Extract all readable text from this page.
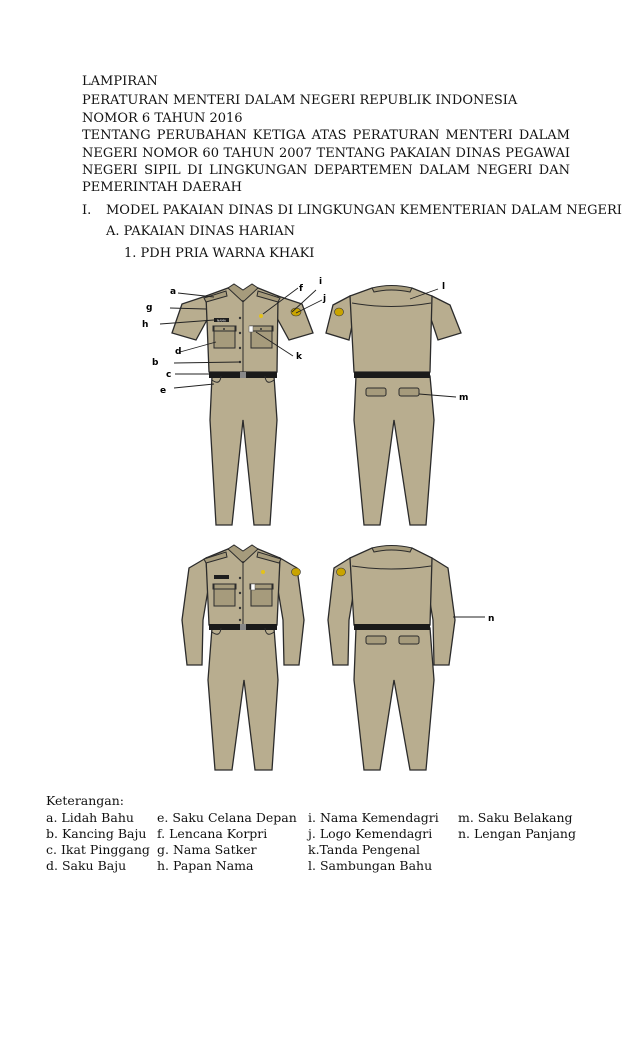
LAMPIRAN
PERATURAN MENTERI DALAM NEGERI REPUBLIK INDONESIA
NOMOR 6 TAHUN 2016
TENTANG PERUBAHAN KETIGA ATAS PERATURAN MENTERI DALAM
NEGERI NOMOR 60 TAHUN 2007 TENTANG PAKAIAN DINAS PEGAWAI
NEGERI SIPIL DI LINGKUNGAN DEPARTEMEN DALAM NEGERI DAN
PEMERINTAH DAERAH
I. MODEL PAKAIAN DINAS DI LINGKUNGAN KEMENTERIAN DALAM NEGERI
A. PAKAIAN DINAS HARIAN
1. PDH PRIA WARNA KHAKI
NAMA
a
g
h
d
b
c
e
f
i
j
k
l
m
n
Keterangan:
a. Lidah Bahu
b. Kancing Baju
c. Ikat Pinggang
d. Saku Baju
e. Saku Celana Depan
f. Lencana Korpri
g. Nama Satker
h. Papan Nama
i. Nama Kemendagri
j. Logo Kemendagri
k.Tanda Pengenal
l. Sambungan Bahu
m. Saku Belakang
n. Lengan Panjang
